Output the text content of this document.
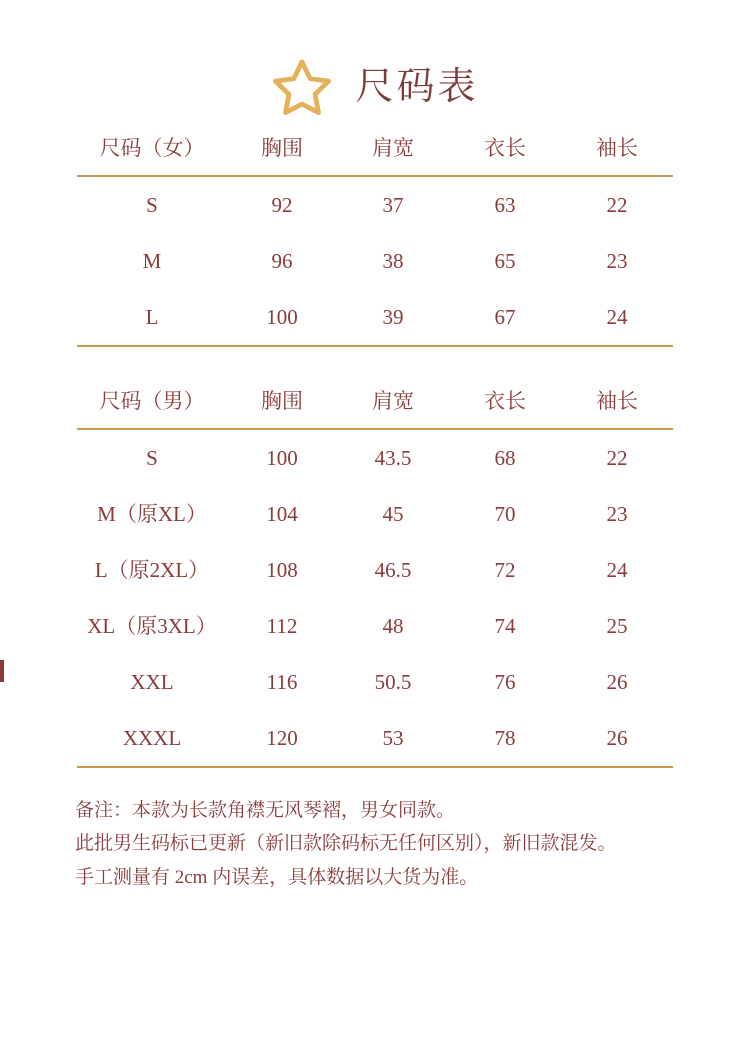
尺码表
尺码（女）	胸围	肩宽	衣长	袖长
S	92	37	63	22
M	96	38	65	23
L	100	39	67	24
尺码（男）	胸围	肩宽	衣长	袖长
S	100	43.5	68	22
M（原XL）	104	45	70	23
L（原2XL）	108	46.5	72	24
XL（原3XL）	112	48	74	25
XXL	116	50.5	76	26
XXXL	120	53	78	26

备注：本款为长款角襟无风琴褶，男女同款。

此批男生码标已更新（新旧款除码标无任何区别），新旧款混发。

手工测量有 2cm 内误差，具体数据以大货为准。
